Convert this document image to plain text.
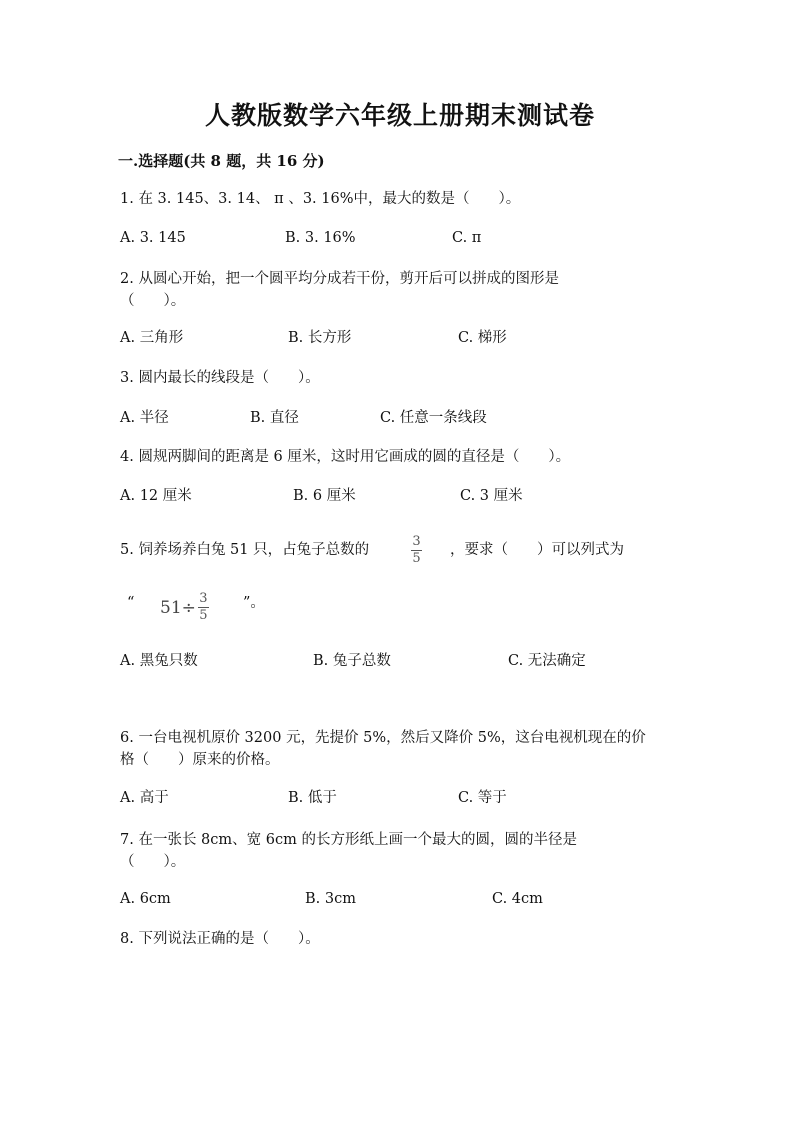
人教版数学六年级上册期末测试卷
一.选择题(共 8 题，共 16 分)
1. 在 3. 145、3. 14、 π 、3. 16%中，最大的数是（　　）。
A. 3. 145	B. 3. 16%	C. π
2. 从圆心开始，把一个圆平均分成若干份，剪开后可以拼成的图形是
（　　）。
A. 三角形	B. 长方形	C. 梯形
3. 圆内最长的线段是（　　）。
A. 半径	B. 直径	C. 任意一条线段
4. 圆规两脚间的距离是 6 厘米，这时用它画成的圆的直径是（　　）。
A. 12 厘米	B. 6 厘米	C. 3 厘米
5. 饲养场养白兔 51 只，占兔子总数的
3
5
，要求（　　）可以列式为
“ $51\div \frac{3}{5}$ ”。
A. 黑兔只数	B. 兔子总数	C. 无法确定
6. 一台电视机原价 3200 元，先提价 5%，然后又降价 5%，这台电视机现在的价
格（　　）原来的价格。
A. 高于	B. 低于	C. 等于
7. 在一张长 8cm、宽 6cm 的长方形纸上画一个最大的圆，圆的半径是
（　　）。
A. 6cm	B. 3cm	C. 4cm
8. 下列说法正确的是（　　）。
